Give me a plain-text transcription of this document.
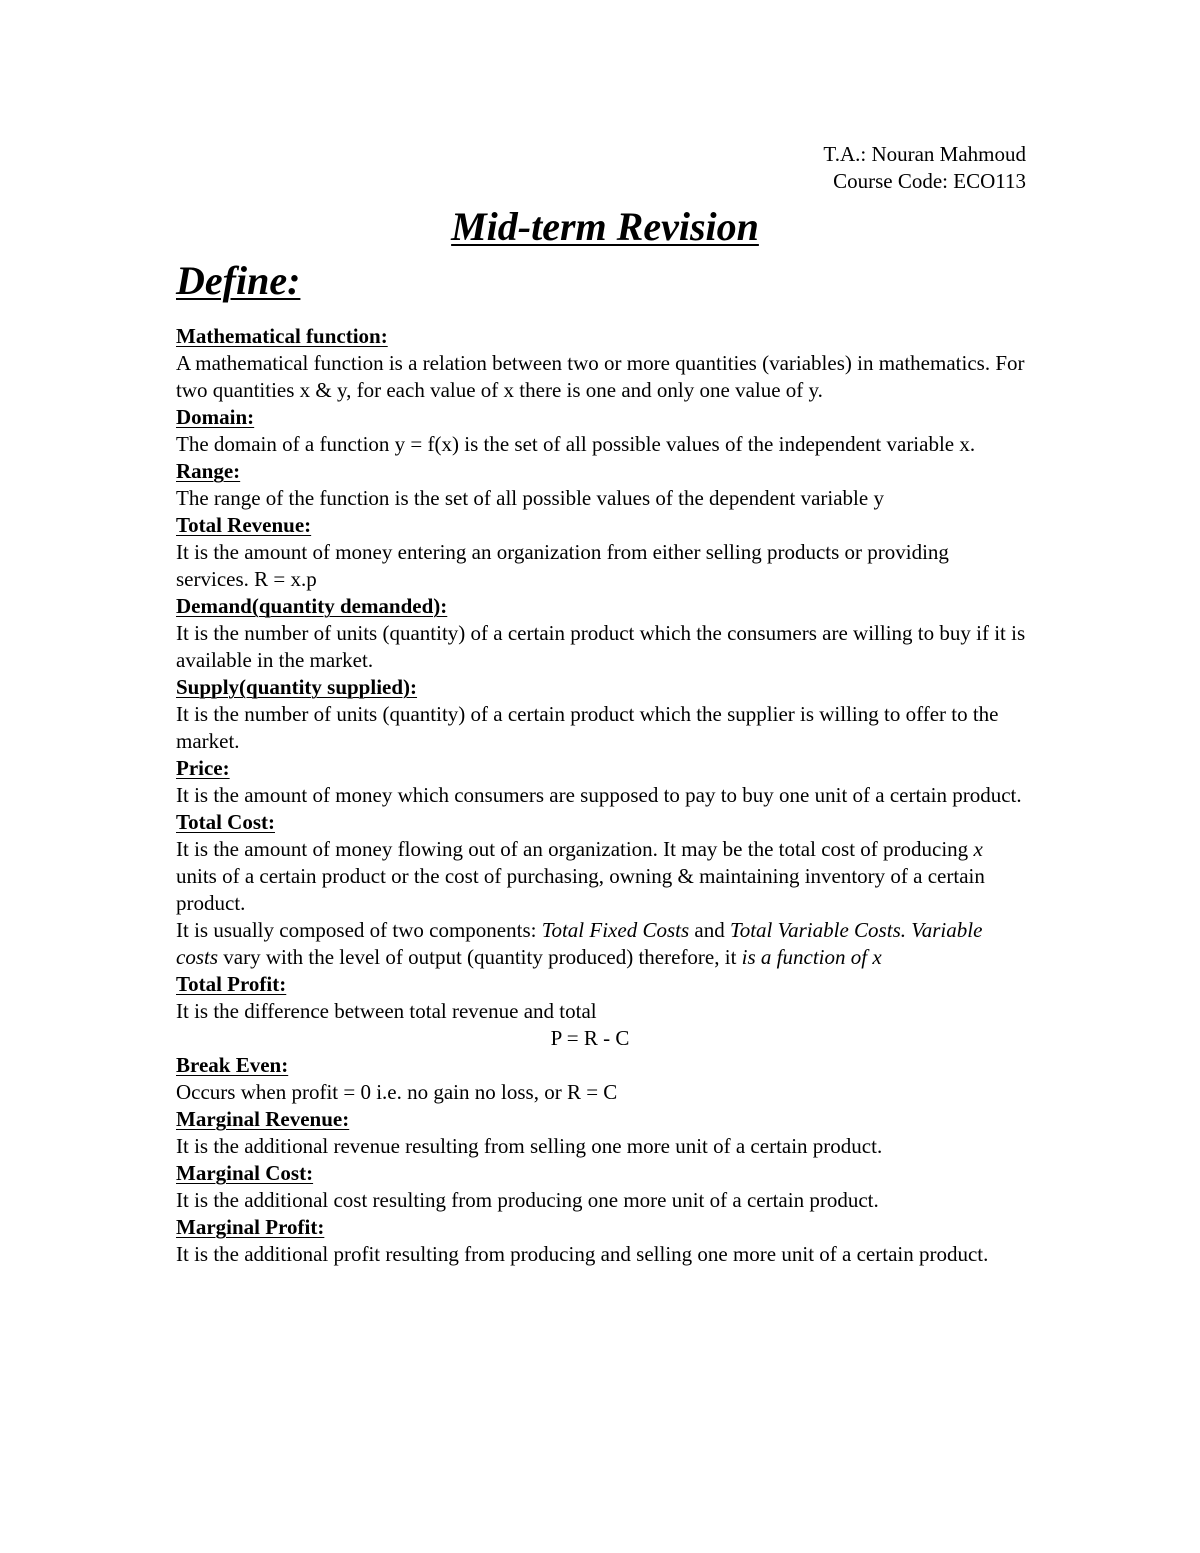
T.A.: Nouran Mahmoud
Course Code: ECO113
Mid-term Revision
Define:
Mathematical function:

A mathematical function is a relation between two or more quantities (variables) in mathematics. For two quantities x & y, for each value of x there is one and only one value of y.

Domain:

The domain of a function y = f(x) is the set of all possible values of the independent variable x.

Range:

The range of the function is the set of all possible values of the dependent variable y

Total Revenue:

It is the amount of money entering an organization from either selling products or providing services. R = x.p

Demand(quantity demanded):

It is the number of units (quantity) of a certain product which the consumers are willing to buy if it is available in the market.

Supply(quantity supplied):

It is the number of units (quantity) of a certain product which the supplier is willing to offer to the market.

Price:

It is the amount of money which consumers are supposed to pay to buy one unit of a certain product.

Total Cost:

It is the amount of money flowing out of an organization. It may be the total cost of producing x units of a certain product or the cost of purchasing, owning & maintaining inventory of a certain product.

It is usually composed of two components: Total Fixed Costs and Total Variable Costs. Variable costs vary with the level of output (quantity produced) therefore, it is a function of x

Total Profit:

It is the difference between total revenue and total

P = R - C
Break Even:

Occurs when profit = 0 i.e. no gain no loss, or R = C

Marginal Revenue:

It is the additional revenue resulting from selling one more unit of a certain product.

Marginal Cost:

It is the additional cost resulting from producing one more unit of a certain product.

Marginal Profit:

It is the additional profit resulting from producing and selling one more unit of a certain product.
